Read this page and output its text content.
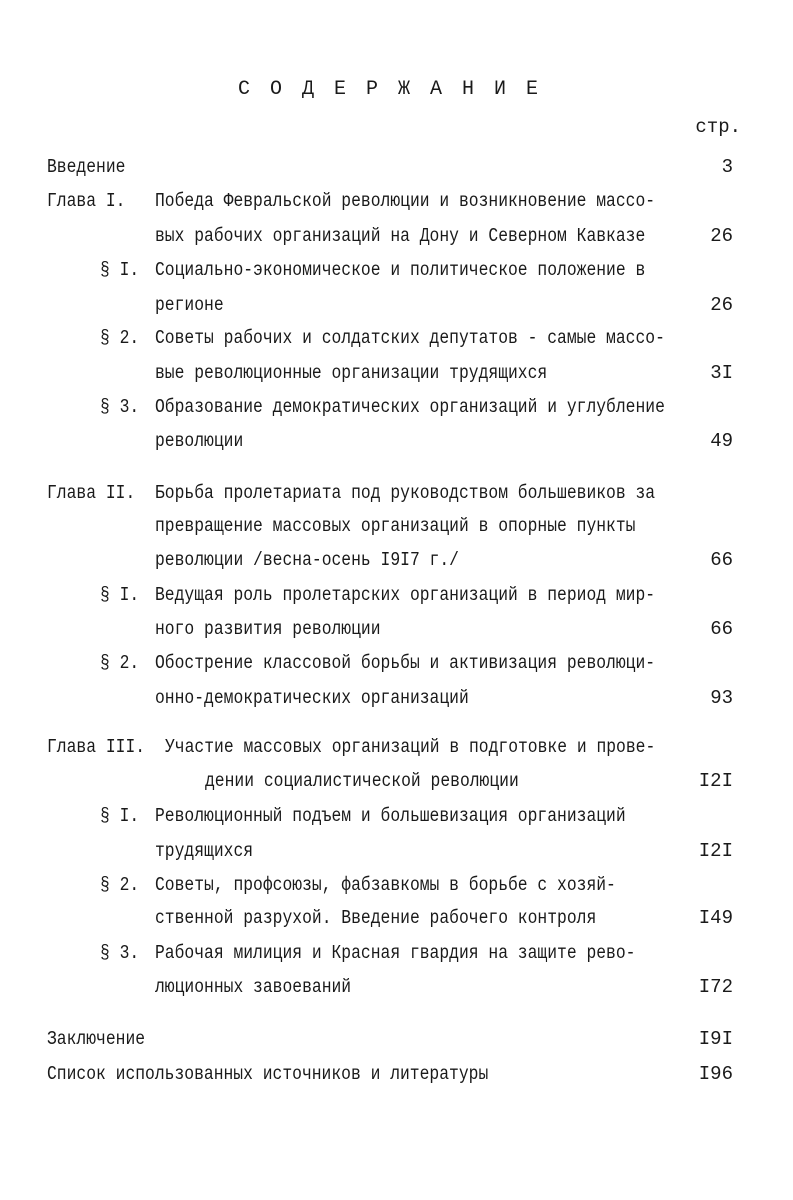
С О Д Е Р Ж А Н И Е
стр.
Введение	3
Глава I. Победа Февральской революции и возникновение массо-
вых рабочих организаций на Дону и Северном Кавказе	26
§ I. Социально-экономическое и политическое положение в
регионе	26
§ 2. Советы рабочих и солдатских депутатов - самые массо-
вые революционные организации трудящихся	3I
§ 3. Образование демократических организаций и углубление
революции	49
Глава II. Борьба пролетариата под руководством большевиков за
превращение массовых организаций в опорные пункты
революции /весна-осень I9I7 г./	66
§ I. Ведущая роль пролетарских организаций в период мир-
ного развития революции	66
§ 2. Обострение классовой борьбы и активизация революци-
онно-демократических организаций	93
Глава III. Участие массовых организаций в подготовке и прове-
дении социалистической революции	I2I
§ I. Революционный подъем и большевизация организаций
трудящихся	I2I
§ 2. Советы, профсоюзы, фабзавкомы в борьбе с хозяй-
ственной разрухой. Введение рабочего контроля	I49
§ 3. Рабочая милиция и Красная гвардия на защите рево-
люционных завоеваний	I72
Заключение	I9I
Список использованных источников и литературы	I96
